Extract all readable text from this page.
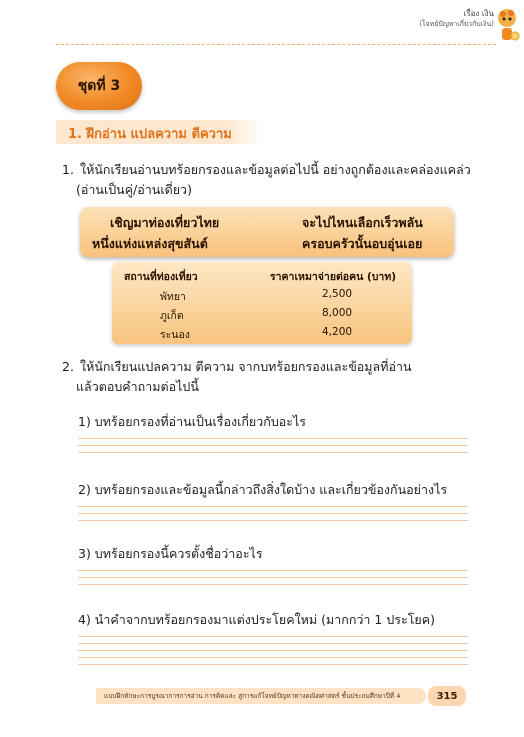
เรื่อง เงิน
(โจทย์ปัญหาเกี่ยวกับเงิน)
ชุดที่ 3
1. ฝึกอ่าน แปลความ ตีความ
1. ให้นักเรียนอ่านบทร้อยกรองและข้อมูลต่อไปนี้ อย่างถูกต้องและคล่องแคล่ว
(อ่านเป็นคู่/อ่านเดี่ยว)
เชิญมาท่องเที่ยวไทย	จะไปไหนเลือกเร็วพลัน
หนึ่งแห่งแหล่งสุขสันต์	ครอบครัวนั้นอบอุ่นเอย
สถานที่ท่องเที่ยว	ราคาเหมาจ่ายต่อคน (บาท)
พัทยา	2,500
ภูเก็ต	8,000
ระนอง	4,200
2. ให้นักเรียนแปลความ ตีความ จากบทร้อยกรองและข้อมูลที่อ่าน
แล้วตอบคำถามต่อไปนี้
1) บทร้อยกรองที่อ่านเป็นเรื่องเกี่ยวกับอะไร
2) บทร้อยกรองและข้อมูลนี้กล่าวถึงสิ่งใดบ้าง และเกี่ยวข้องกันอย่างไร
3) บทร้อยกรองนี้ควรตั้งชื่อว่าอะไร
4) นำคำจากบทร้อยกรองมาแต่งประโยคใหม่ (มากกว่า 1 ประโยค)
แบบฝึกทักษะการบูรณาการการอ่าน การคิดและ สู่การแก้โจทย์ปัญหาทางคณิตศาสตร์ ชั้นประถมศึกษาปีที่ 4	315
